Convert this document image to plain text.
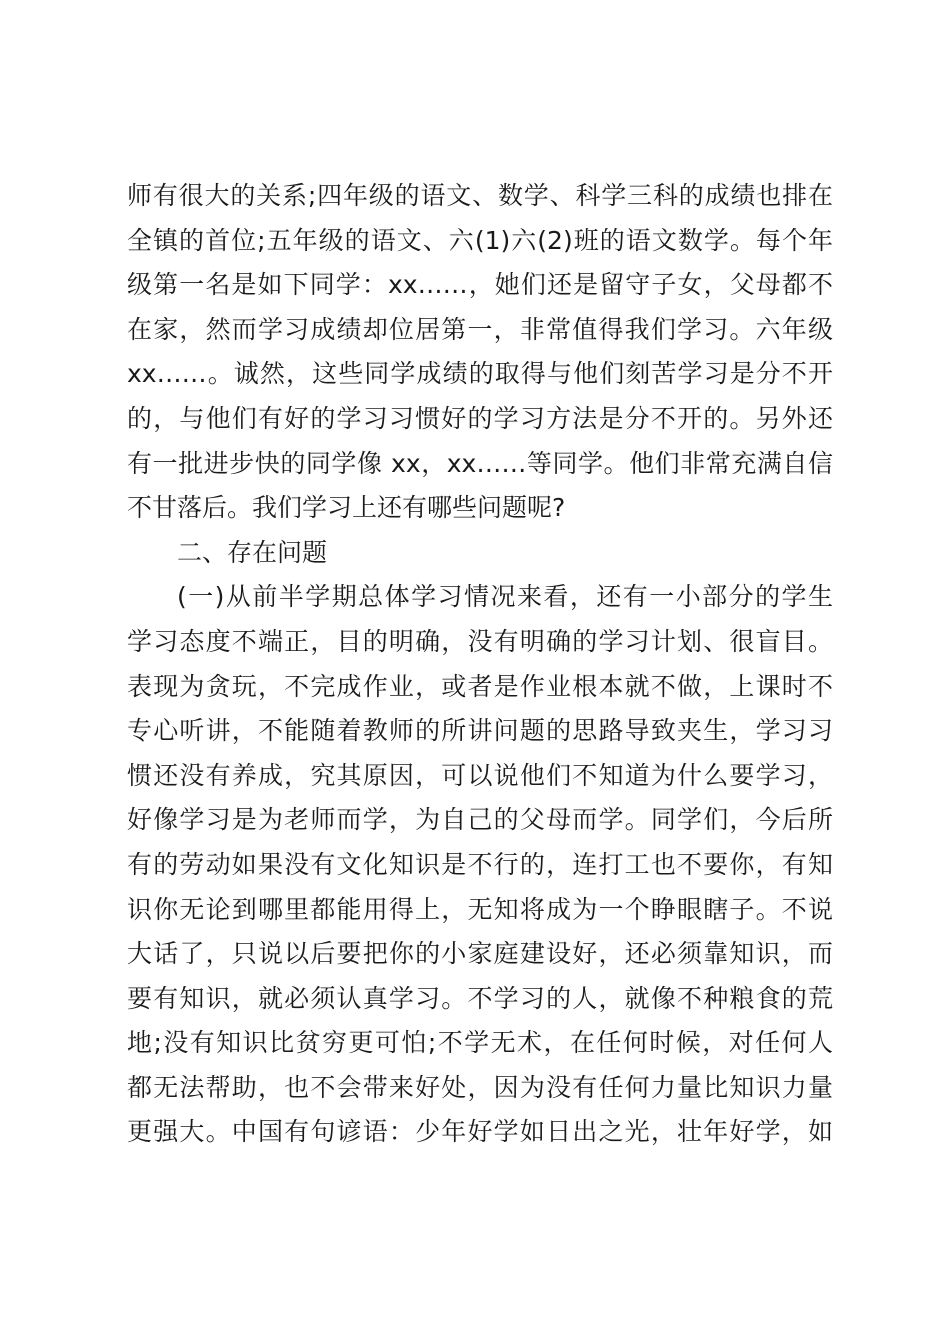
师有很大的关系;四年级的语文、数学、科学三科的成绩也排在
全镇的首位;五年级的语文、六(1)六(2)班的语文数学。每个年
级第一名是如下同学：xx……，她们还是留守子女，父母都不
在家，然而学习成绩却位居第一，非常值得我们学习。六年级
xx……。诚然，这些同学成绩的取得与他们刻苦学习是分不开
的，与他们有好的学习习惯好的学习方法是分不开的。另外还
有一批进步快的同学像 xx，xx……等同学。他们非常充满自信
不甘落后。我们学习上还有哪些问题呢?
二、存在问题
(一)从前半学期总体学习情况来看，还有一小部分的学生
学习态度不端正，目的明确，没有明确的学习计划、很盲目。
表现为贪玩，不完成作业，或者是作业根本就不做，上课时不
专心听讲，不能随着教师的所讲问题的思路导致夹生，学习习
惯还没有养成，究其原因，可以说他们不知道为什么要学习，
好像学习是为老师而学，为自己的父母而学。同学们，今后所
有的劳动如果没有文化知识是不行的，连打工也不要你，有知
识你无论到哪里都能用得上，无知将成为一个睁眼瞎子。不说
大话了，只说以后要把你的小家庭建设好，还必须靠知识，而
要有知识，就必须认真学习。不学习的人，就像不种粮食的荒
地;没有知识比贫穷更可怕;不学无术，在任何时候，对任何人
都无法帮助，也不会带来好处，因为没有任何力量比知识力量
更强大。中国有句谚语：少年好学如日出之光，壮年好学，如
